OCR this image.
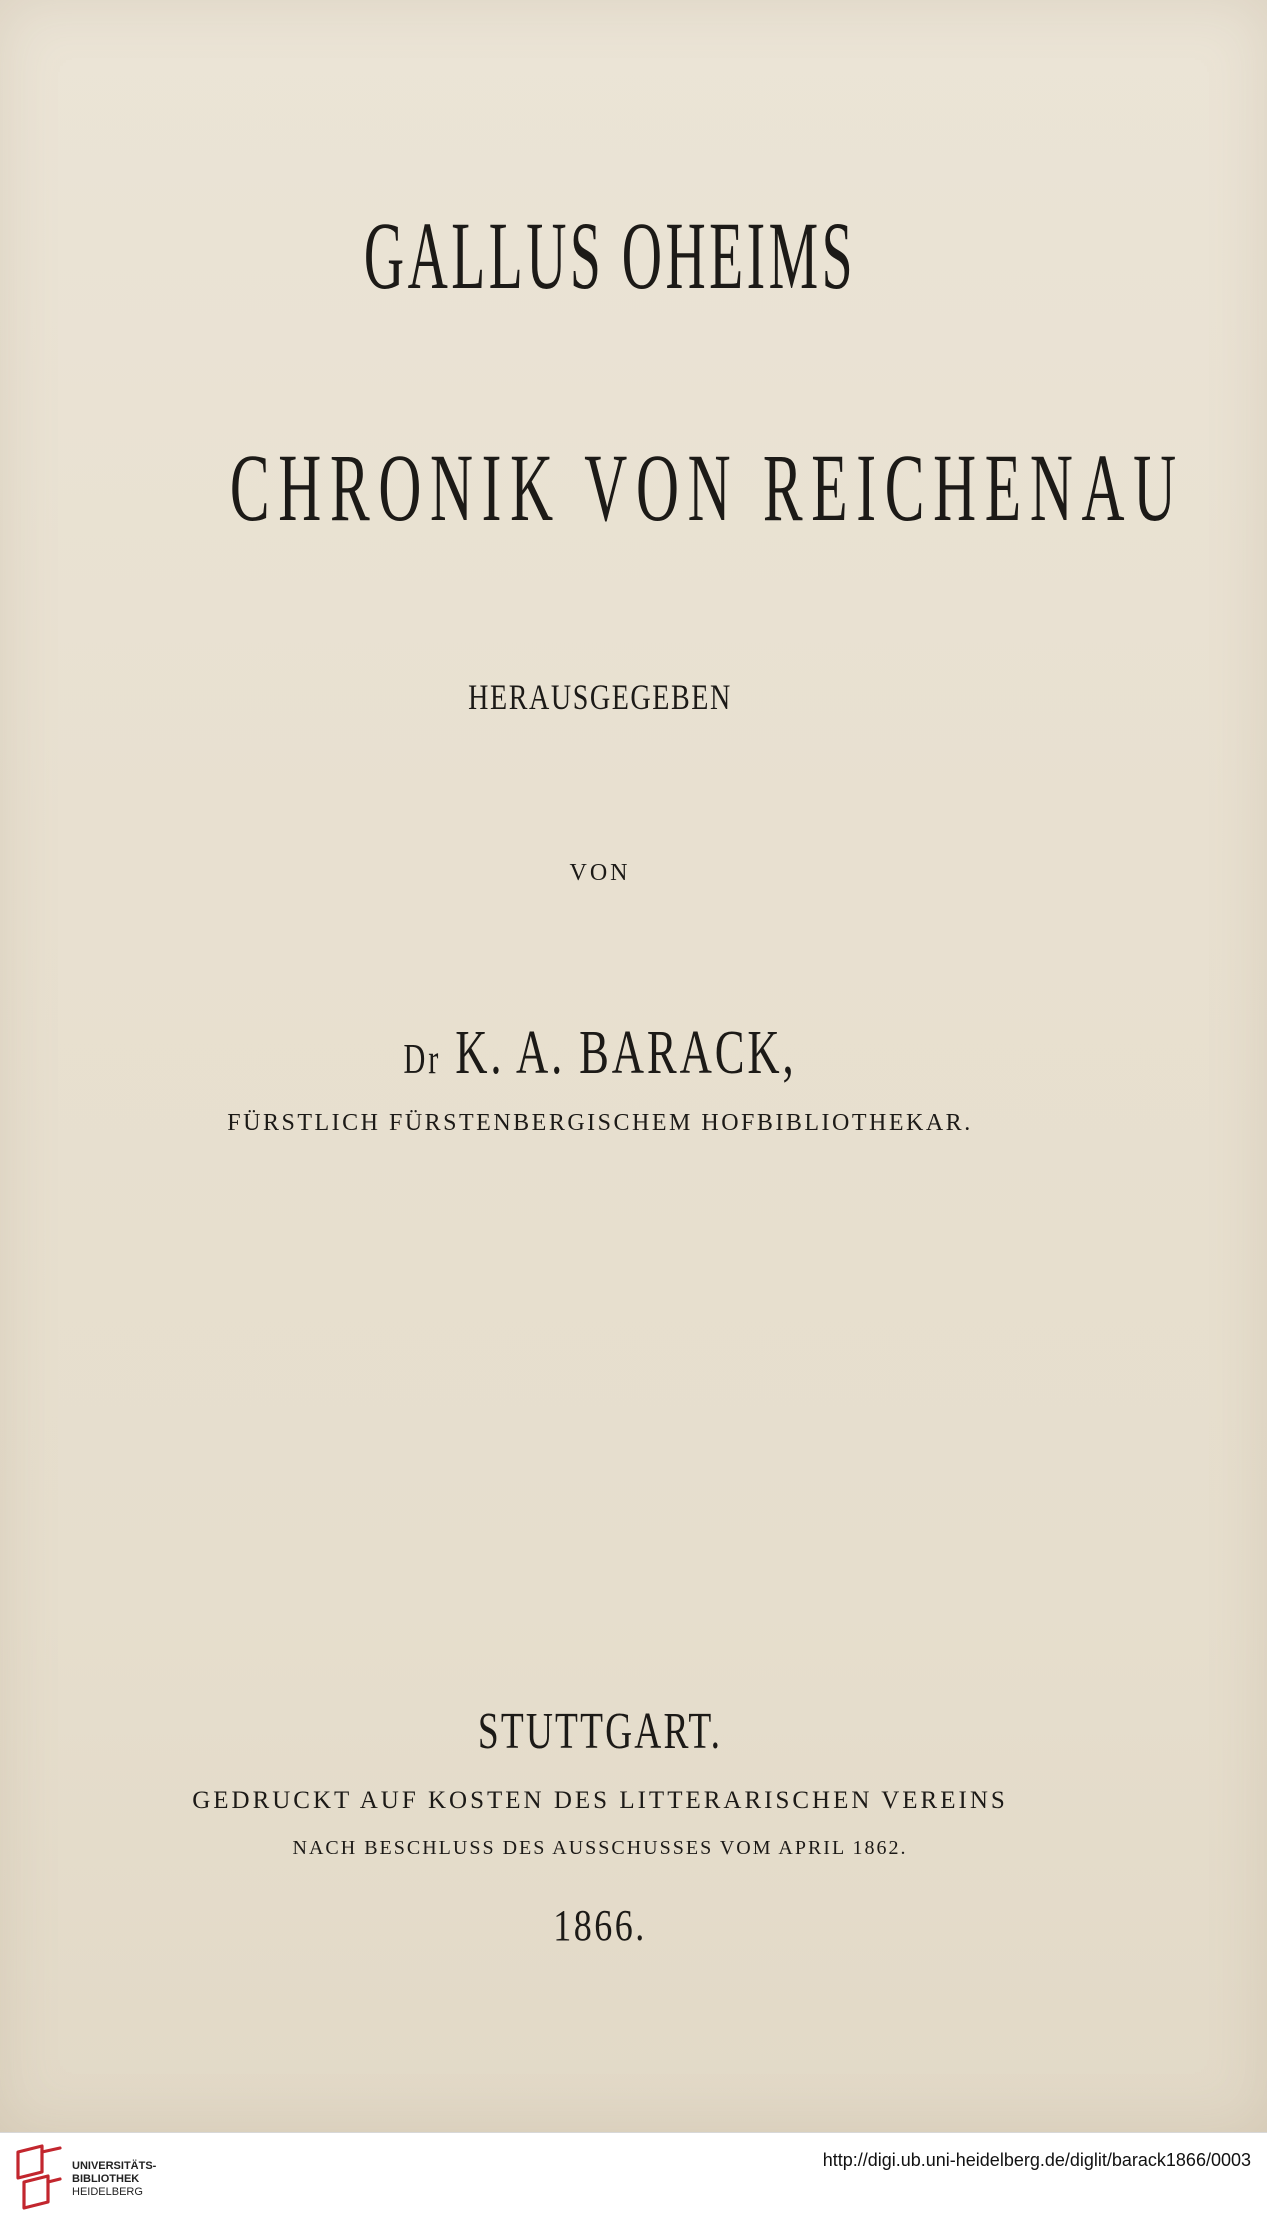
GALLUS OHEIMS
CHRONIK VON REICHENAU
HERAUSGEGEBEN
VON
Dr K. A. BARACK,
FÜRSTLICH FÜRSTENBERGISCHEM HOFBIBLIOTHEKAR.
STUTTGART.
GEDRUCKT AUF KOSTEN DES LITTERARISCHEN VEREINS
NACH BESCHLUSS DES AUSSCHUSSES VOM APRIL 1862.
1866.
UNIVERSITÄTS-
BIBLIOTHEK
HEIDELBERG
http://digi.ub.uni-heidelberg.de/diglit/barack1866/0003
